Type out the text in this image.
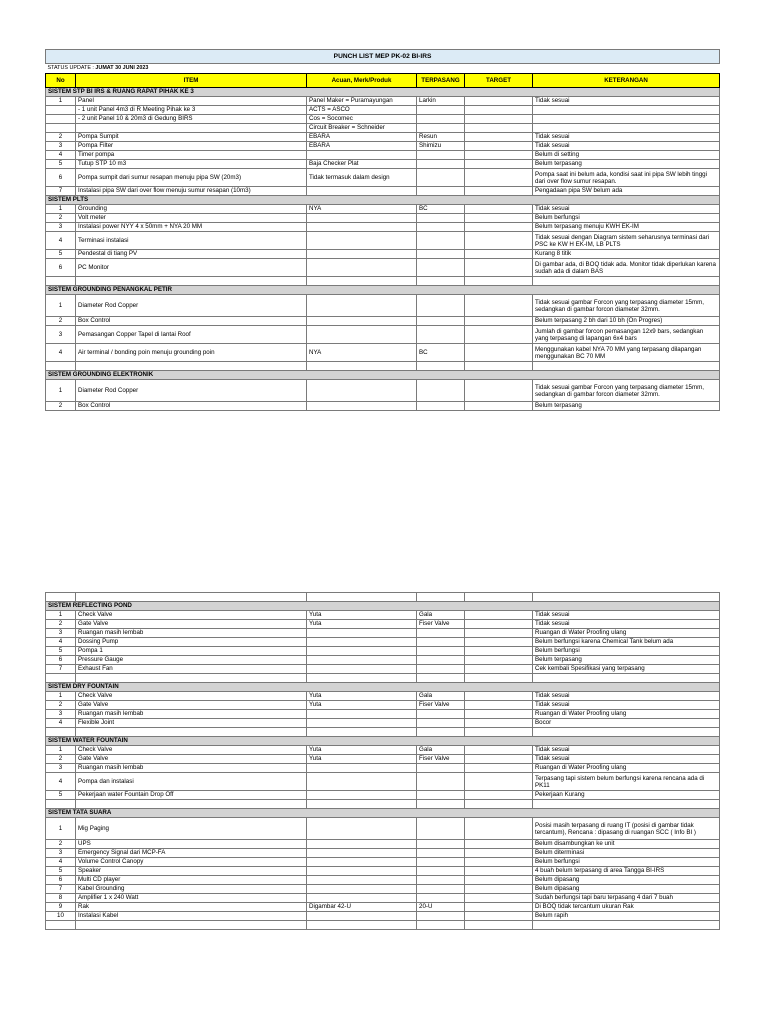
PUNCH LIST MEP PK-02 BI-IRS					
STATUS UPDATE : JUMAT 30 JUNI 2023					
No	ITEM	Acuan, Merk/Produk	TERPASANG	TARGET	KETERANGAN
SISTEM STP BI IRS & RUANG RAPAT PIHAK KE 3					
1	Panel	Panel Maker = Puramayungan	Larkin		Tidak sesuai
	- 1 unit Panel 4m3 di R Meeting Pihak ke 3	ACTS = ASCO			
	- 2 unit Panel 10 & 20m3 di Gedung BIRS	Cos = Socomec			
		Circuit Breaker = Schneider			
2	Pompa Sumpit	EBARA	Resun		Tidak sesuai
3	Pompa Filter	EBARA	Shimizu		Tidak sesuai
4	Timer pompa				Belum di setting
5	Tutup STP 10 m3	Baja Checker Plat			Belum terpasang
6	Pompa sumpit dari sumur resapan menuju pipa SW (20m3)	Tidak termasuk dalam design			Pompa saat ini belum ada, kondisi saat ini pipa SW lebih tinggi dari over flow sumur resapan.
7	Instalasi pipa SW dari over flow menuju sumur resapan (10m3)				Pengadaan pipa SW belum ada
SISTEM PLTS					
1	Grounding	NYA	BC		Tidak sesuai
2	Volt meter				Belum berfungsi
3	Instalasi power NYY 4 x 50mm + NYA 20 MM				Belum terpasang menuju KWH EK-IM
4	Terminasi instalasi				Tidak sesuai dengan Diagram sistem seharusnya terminasi dari PSC ke KW H EK-IM, LB PLTS
5	Pendestal di tiang PV				Kurang 8 titik
6	PC Monitor				Di gambar ada, di BOQ tidak ada. Monitor tidak diperlukan karena sudah ada di dalam BAS

SISTEM GROUNDING PENANGKAL PETIR					
1	Diameter Rod Copper				Tidak sesuai gambar Forcon yang terpasang diameter 15mm, sedangkan di gambar forcon diameter 32mm.
2	Box Control				Belum terpasang 2 bh dari 10 bh (On Progres)
3	Pemasangan Copper Tapel di lantai Roof				Jumlah di gambar forcon pemasangan 12x9 bars, sedangkan yang terpasang di lapangan 6x4 bars
4	Air terminal / bonding poin menuju grounding poin	NYA	BC		Menggunakan kabel NYA 70 MM yang terpasang dilapangan menggunakan BC 70 MM

SISTEM GROUNDING ELEKTRONIK					
1	Diameter Rod Copper				Tidak sesuai gambar Forcon yang terpasang diameter 15mm, sedangkan di gambar forcon diameter 32mm.
2	Box Control				Belum terpasang

SISTEM REFLECTING POND					
1	Check Valve	Yuta	Gala		Tidak sesuai
2	Gate Valve	Yuta	Fiser Valve		Tidak sesuai
3	Ruangan masih lembab				Ruangan di Water Proofing ulang
4	Dossing Pump				Belum berfungsi karena Chemical Tank belum ada
5	Pompa 1				Belum berfungsi
6	Pressure Gauge				Belum terpasang
7	Exhaust Fan				Cek kembali Spesifikasi yang terpasang

SISTEM DRY FOUNTAIN					
1	Check Valve	Yuta	Gala		Tidak sesuai
2	Gate Valve	Yuta	Fiser Valve		Tidak sesuai
3	Ruangan masih lembab				Ruangan di Water Proofing ulang
4	Flexible Joint				Bocor

SISTEM WATER FOUNTAIN					
1	Check Valve	Yuta	Gala		Tidak sesuai
2	Gate Valve	Yuta	Fiser Valve		Tidak sesuai
3	Ruangan masih lembab				Ruangan di Water Proofing ulang
4	Pompa dan instalasi				Terpasang tapi sistem belum berfungsi karena rencana ada di PK11
5	Pekerjaan water Fountain Drop Off				Pekerjaan Kurang

SISTEM TATA SUARA					
1	Mig Paging				Posisi masih terpasang di ruang IT (posisi di gambar tidak tercantum), Rencana : dipasang di ruangan SCC ( Info BI )
2	UPS				Belum disambungkan ke unit
3	Emergency Signal dari MCP-FA				Belum diterminasi
4	Volume Control Canopy				Belum berfungsi
5	Speaker				4 buah belum terpasang di area Tangga BI-IRS
6	Multi CD player				Belum dipasang
7	Kabel Grounding				Belum dipasang
8	Amplifier 1 x 240 Watt				Sudah berfungsi tapi baru terpasang 4 dari 7 buah
9	Rak	Digambar 42-U	20-U		Di BOQ tidak tercantum ukuran Rak
10	Instalasi Kabel				Belum rapih
